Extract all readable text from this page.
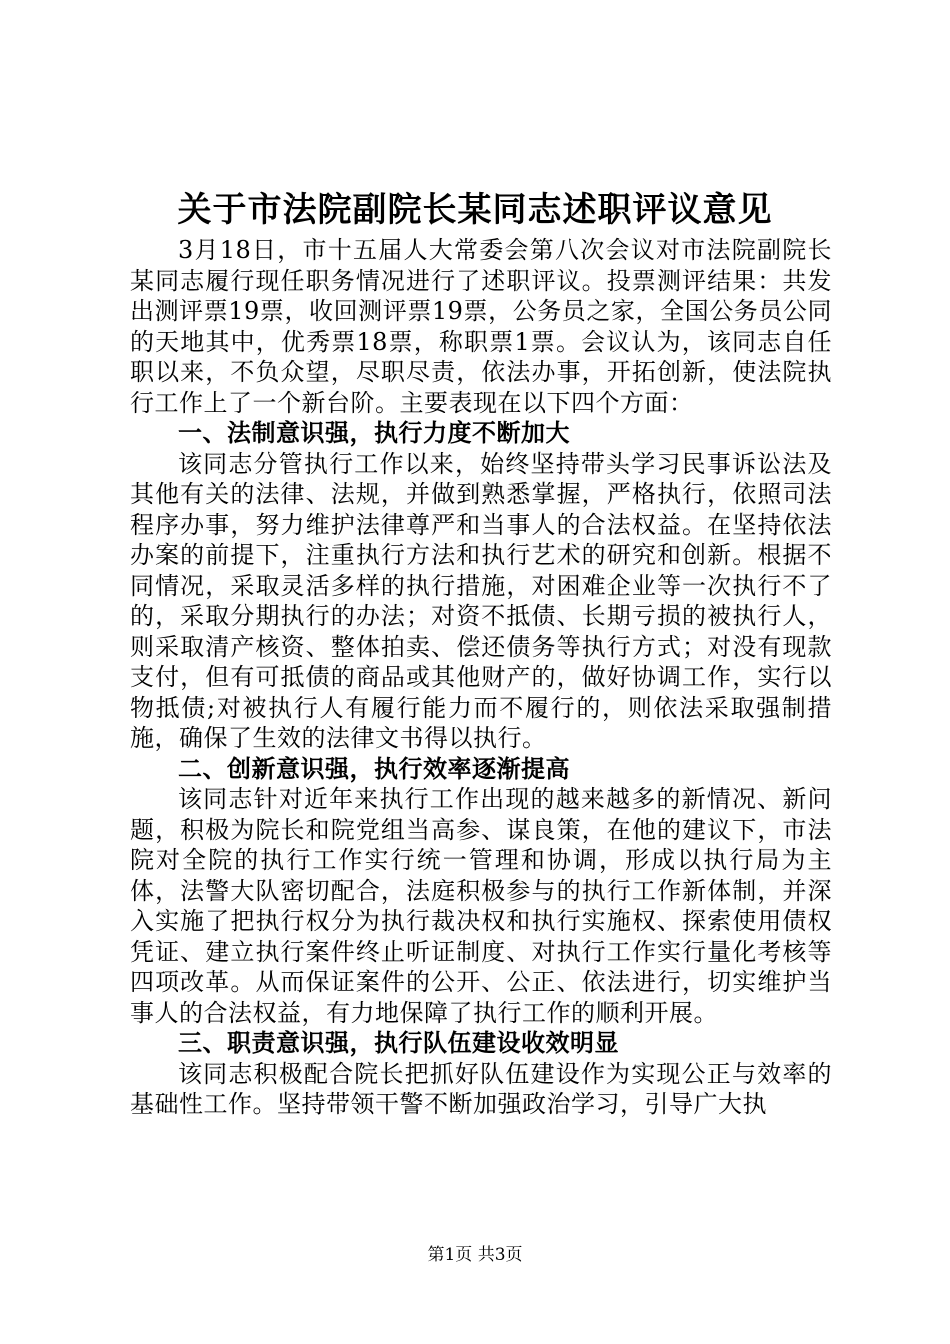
关于市法院副院长某同志述职评议意见

3月18日，市十五届人大常委会第八次会议对市法院副院长某同志履行现任职务情况进行了述职评议。投票测评结果：共发出测评票19票，收回测评票19票，公务员之家，全国公务员公同的天地其中，优秀票18票，称职票1票。会议认为，该同志自任职以来，不负众望，尽职尽责，依法办事，开拓创新，使法院执行工作上了一个新台阶。主要表现在以下四个方面：

一、法制意识强，执行力度不断加大

该同志分管执行工作以来，始终坚持带头学习民事诉讼法及其他有关的法律、法规，并做到熟悉掌握，严格执行，依照司法程序办事，努力维护法律尊严和当事人的合法权益。在坚持依法办案的前提下，注重执行方法和执行艺术的研究和创新。根据不同情况，采取灵活多样的执行措施，对困难企业等一次执行不了的，采取分期执行的办法；对资不抵债、长期亏损的被执行人，则采取清产核资、整体拍卖、偿还债务等执行方式；对没有现款支付，但有可抵债的商品或其他财产的，做好协调工作，实行以物抵债;对被执行人有履行能力而不履行的，则依法采取强制措施，确保了生效的法律文书得以执行。

二、创新意识强，执行效率逐渐提高

该同志针对近年来执行工作出现的越来越多的新情况、新问题，积极为院长和院党组当高参、谋良策，在他的建议下，市法院对全院的执行工作实行统一管理和协调，形成以执行局为主体，法警大队密切配合，法庭积极参与的执行工作新体制，并深入实施了把执行权分为执行裁决权和执行实施权、探索使用债权凭证、建立执行案件终止听证制度、对执行工作实行量化考核等四项改革。从而保证案件的公开、公正、依法进行，切实维护当事人的合法权益，有力地保障了执行工作的顺利开展。

三、职责意识强，执行队伍建设收效明显

该同志积极配合院长把抓好队伍建设作为实现公正与效率的基础性工作。坚持带领干警不断加强政治学习，引导广大执

第1页 共3页
